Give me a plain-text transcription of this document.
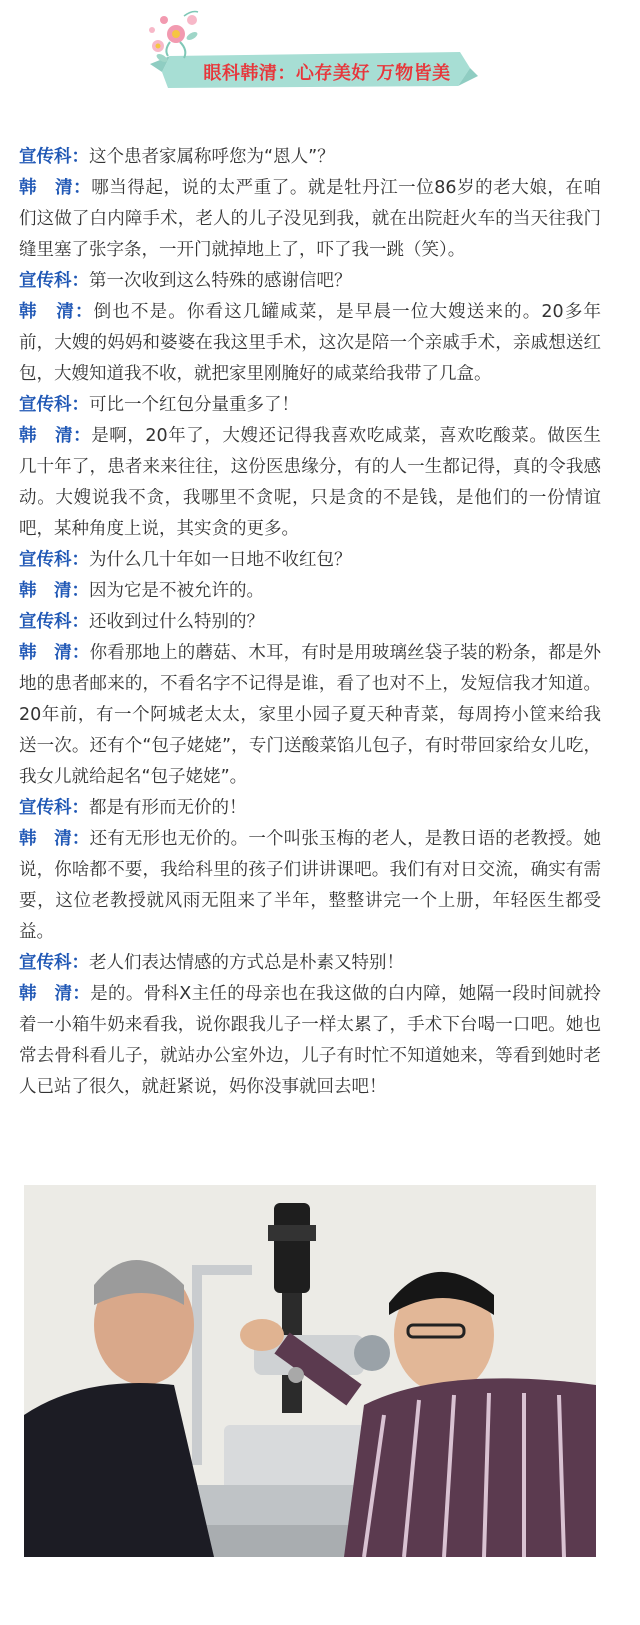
眼科韩清：心存美好 万物皆美

宣传科：这个患者家属称呼您为“恩人”？

韩　清：哪当得起，说的太严重了。就是牡丹江一位86岁的老大娘，在咱们这做了白内障手术，老人的儿子没见到我，就在出院赶火车的当天往我门缝里塞了张字条，一开门就掉地上了，吓了我一跳（笑）。

宣传科：第一次收到这么特殊的感谢信吧？

韩　清：倒也不是。你看这几罐咸菜，是早晨一位大嫂送来的。20多年前，大嫂的妈妈和婆婆在我这里手术，这次是陪一个亲戚手术，亲戚想送红包，大嫂知道我不收，就把家里刚腌好的咸菜给我带了几盒。

宣传科：可比一个红包分量重多了！

韩　清：是啊，20年了，大嫂还记得我喜欢吃咸菜，喜欢吃酸菜。做医生几十年了，患者来来往往，这份医患缘分，有的人一生都记得，真的令我感动。大嫂说我不贪，我哪里不贪呢，只是贪的不是钱，是他们的一份情谊吧，某种角度上说，其实贪的更多。

宣传科：为什么几十年如一日地不收红包？

韩　清：因为它是不被允许的。

宣传科：还收到过什么特别的？

韩　清：你看那地上的蘑菇、木耳，有时是用玻璃丝袋子装的粉条，都是外地的患者邮来的，不看名字不记得是谁，看了也对不上，发短信我才知道。20年前，有一个阿城老太太，家里小园子夏天种青菜，每周挎小筐来给我送一次。还有个“包子姥姥”，专门送酸菜馅儿包子，有时带回家给女儿吃，我女儿就给起名“包子姥姥”。

宣传科：都是有形而无价的！

韩　清：还有无形也无价的。一个叫张玉梅的老人，是教日语的老教授。她说，你啥都不要，我给科里的孩子们讲讲课吧。我们有对日交流，确实有需要，这位老教授就风雨无阻来了半年，整整讲完一个上册，年轻医生都受益。

宣传科：老人们表达情感的方式总是朴素又特别！

韩　清：是的。骨科X主任的母亲也在我这做的白内障，她隔一段时间就拎着一小箱牛奶来看我，说你跟我儿子一样太累了，手术下台喝一口吧。她也常去骨科看儿子，就站办公室外边，儿子有时忙不知道她来，等看到她时老人已站了很久，就赶紧说，妈你没事就回去吧！
